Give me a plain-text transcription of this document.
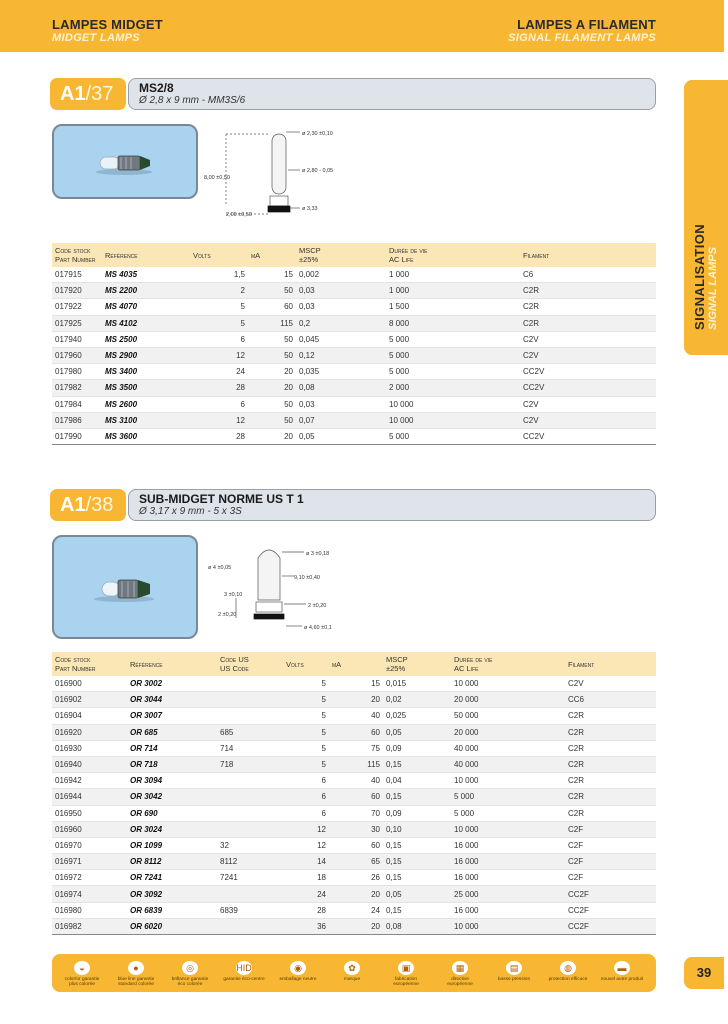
LAMPES MIDGET
MIDGET LAMPS
LAMPES A FILAMENT
SIGNAL FILAMENT LAMPS
SIGNALISATION SIGNAL LAMPS
A1/37	MS2/8
Ø 2,8 x 9 mm - MM3S/6
ø 2,30 ±0,10
ø 2,80 - 0,05
8,00 ±0,50
ø 3,33
2,00 ±0,50
Code stock
Part Number	Référence	Volts	mA	MSCP
±25%	Durée de vie
AC Life	Filament
017915	MS 4035	1,5	15	0,002	1 000	C6
017920	MS 2200	2	50	0,03	1 000	C2R
017922	MS 4070	5	60	0,03	1 500	C2R
017925	MS 4102	5	115	0,2	8 000	C2R
017940	MS 2500	6	50	0,045	5 000	C2V
017960	MS 2900	12	50	0,12	5 000	C2V
017980	MS 3400	24	20	0,035	5 000	CC2V
017982	MS 3500	28	20	0,08	2 000	CC2V
017984	MS 2600	6	50	0,03	10 000	C2V
017986	MS 3100	12	50	0,07	10 000	C2V
017990	MS 3600	28	20	0,05	5 000	CC2V
A1/38	SUB-MIDGET NORME US T 1
Ø 3,17 x 9 mm - 5 x 3S
ø 3 ±0,18
ø 4 ±0,05
9,10 ±0,40
3 ±0,10
2 ±0,20
2 ±0,20
ø 4,60 ±0,1
Code stock
Part Number	Référence	Code US
US Code	Volts	mA	MSCP
±25%	Durée de vie
AC Life	Filament
016900	OR 3002		5	15	0,015	10 000	C2V
016902	OR 3044		5	20	0,02	20 000	CC6
016904	OR 3007		5	40	0,025	50 000	C2R
016920	OR 685	685	5	60	0,05	20 000	C2R
016930	OR 714	714	5	75	0,09	40 000	C2R
016940	OR 718	718	5	115	0,15	40 000	C2R
016942	OR 3094		6	40	0,04	10 000	C2R
016944	OR 3042		6	60	0,15	5 000	C2R
016950	OR 690		6	70	0,09	5 000	C2R
016960	OR 3024		12	30	0,10	10 000	C2F
016970	OR 1099	32	12	60	0,15	16 000	C2F
016971	OR 8112	8112	14	65	0,15	16 000	C2F
016972	OR 7241	7241	18	26	0,15	16 000	C2F
016974	OR 3092		24	20	0,05	25 000	CC2F
016980	OR 6839	6839	28	24	0,15	16 000	CC2F
016982	OR 6020		36	20	0,08	10 000	CC2F
◒
color/or garantie plus colorée
●
blue line garantie standard colorée
◎
brillance garantie éco colorée
HID
garantie éco-centre
◉
emballage neutre
✿
marque
▣
fabrication européenne
▦
directive européenne
▤
basse pression
◍
protection efficace
▬
nouvel autre produit	39
